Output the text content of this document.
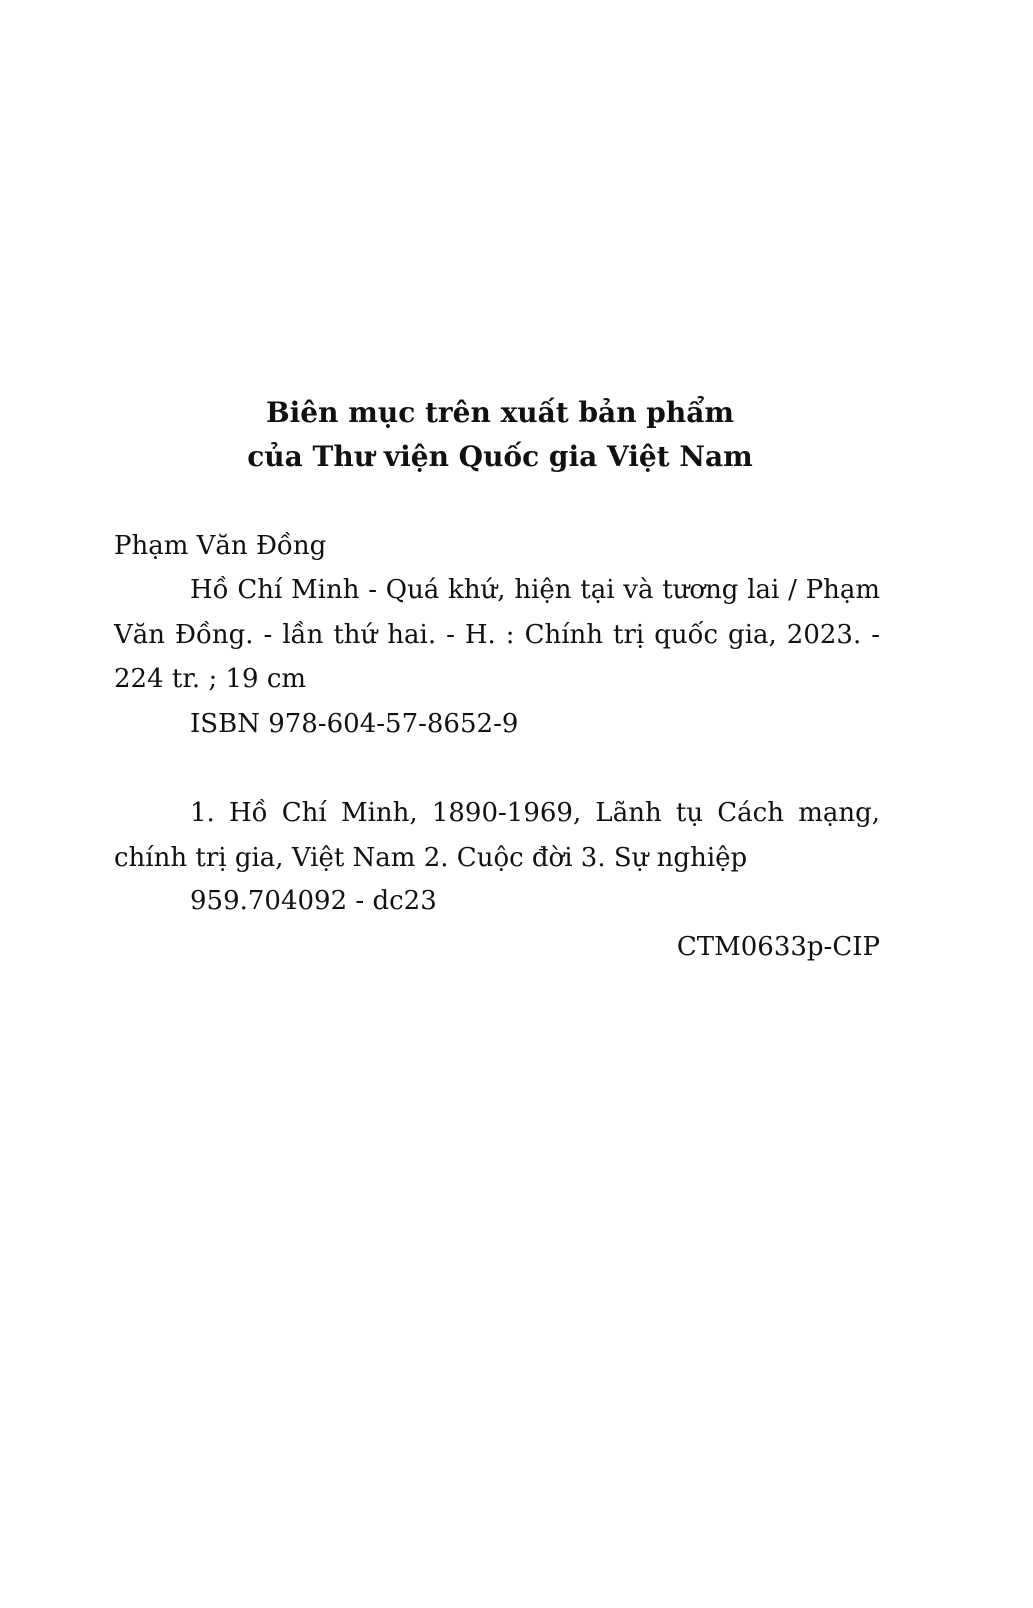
Biên mục trên xuất bản phẩm
của Thư viện Quốc gia Việt Nam
Phạm Văn Đồng
Hồ Chí Minh - Quá khứ, hiện tại và tương lai / Phạm Văn Đồng. - lần thứ hai. - H. : Chính trị quốc gia, 2023. - 224 tr. ; 19 cm
ISBN 978-604-57-8652-9
1. Hồ Chí Minh, 1890-1969, Lãnh tụ Cách mạng, chính trị gia, Việt Nam 2. Cuộc đời 3. Sự nghiệp
959.704092 - dc23
CTM0633p-CIP
